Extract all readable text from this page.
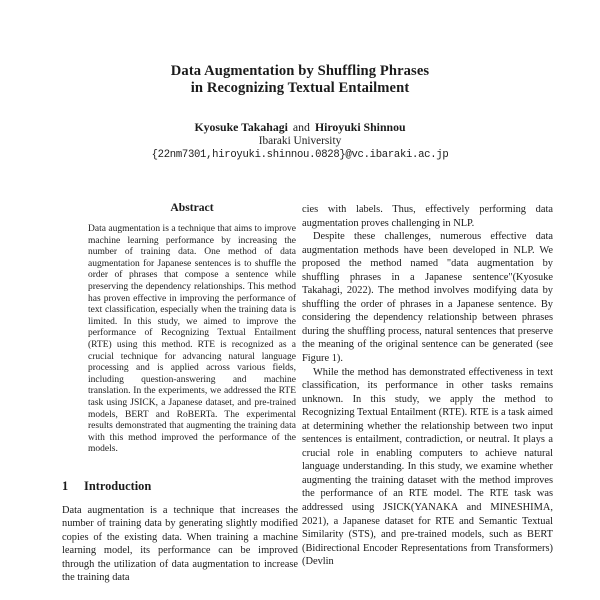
Data Augmentation by Shuffling Phrases
in Recognizing Textual Entailment
Kyosuke Takahagi and Hiroyuki Shinnou
Ibaraki University
{22nm7301,hiroyuki.shinnou.0828}@vc.ibaraki.ac.jp
Abstract

Data augmentation is a technique that aims to improve machine learning performance by increasing the number of training data. One method of data augmentation for Japanese sentences is to shuffle the order of phrases that compose a sentence while preserving the dependency relationships. This method has proven effective in improving the performance of text classification, especially when the training data is limited. In this study, we aimed to improve the performance of Recognizing Textual Entailment (RTE) using this method. RTE is recognized as a crucial technique for advancing natural language processing and is applied across various fields, including question-answering and machine translation. In the experiments, we addressed the RTE task using JSICK, a Japanese dataset, and pre-trained models, BERT and RoBERTa. The experimental results demonstrated that augmenting the training data with this method improved the performance of the models.

1 Introduction

Data augmentation is a technique that increases the number of training data by generating slightly modified copies of the existing data. When training a machine learning model, its performance can be improved through the utilization of data augmentation to increase the training data

cies with labels. Thus, effectively performing data augmentation proves challenging in NLP.

Despite these challenges, numerous effective data augmentation methods have been developed in NLP. We proposed the method named "data augmentation by shuffling phrases in a Japanese sentence"(Kyosuke Takahagi, 2022). The method involves modifying data by shuffling the order of phrases in a Japanese sentence. By considering the dependency relationship between phrases during the shuffling process, natural sentences that preserve the meaning of the original sentence can be generated (see Figure 1).

While the method has demonstrated effectiveness in text classification, its performance in other tasks remains unknown. In this study, we apply the method to Recognizing Textual Entailment (RTE). RTE is a task aimed at determining whether the relationship between two input sentences is entailment, contradiction, or neutral. It plays a crucial role in enabling computers to achieve natural language understanding. In this study, we examine whether augmenting the training dataset with the method improves the performance of an RTE model. The RTE task was addressed using JSICK(YANAKA and MINESHIMA, 2021), a Japanese dataset for RTE and Semantic Textual Similarity (STS), and pre-trained models, such as BERT (Bidirectional Encoder Representations from Transformers)(Devlin
